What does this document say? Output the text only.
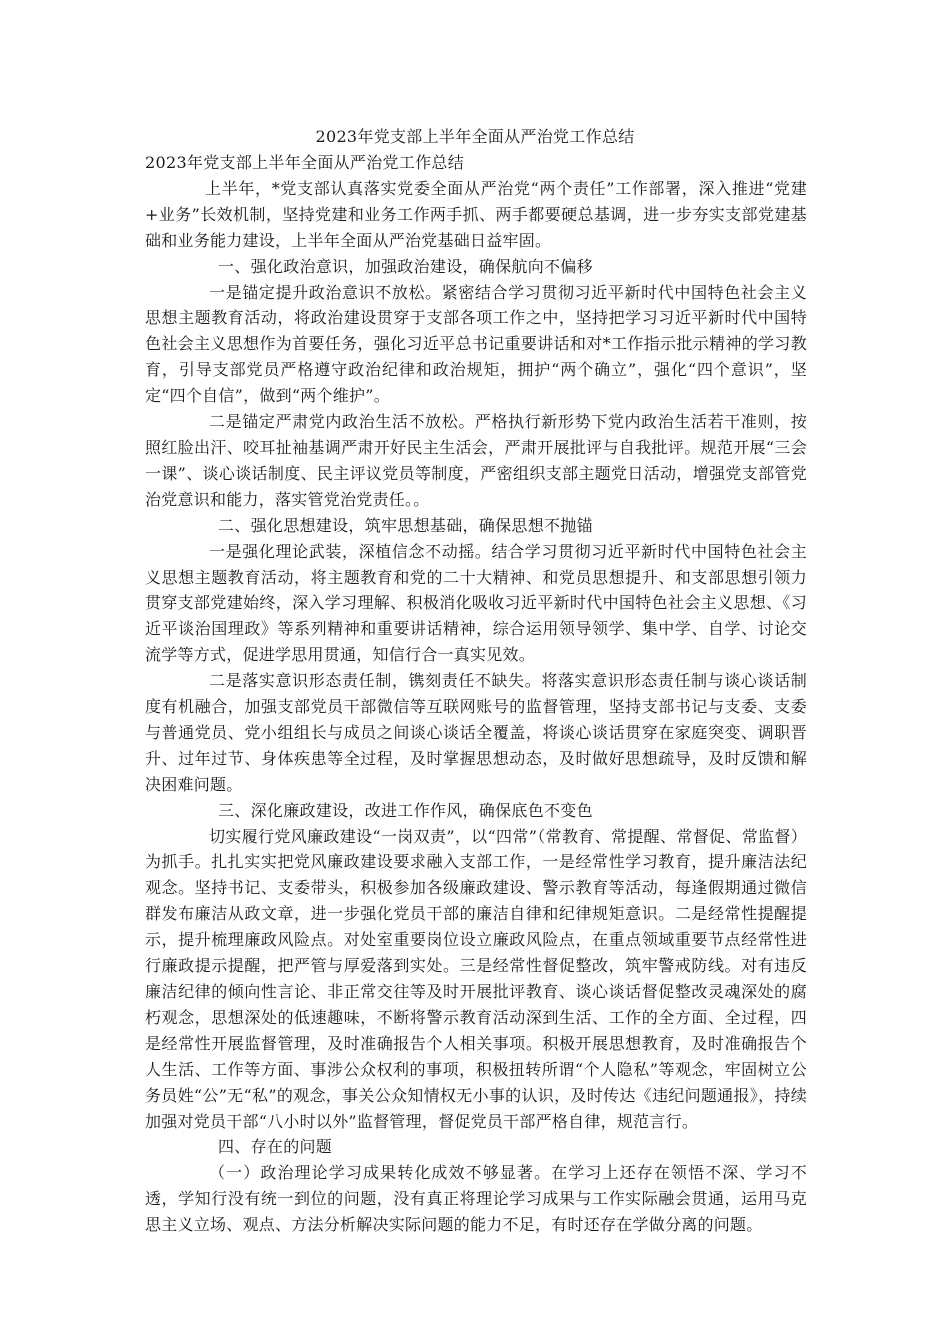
2023年党支部上半年全面从严治党工作总结

2023年党支部上半年全面从严治党工作总结

上半年，*党支部认真落实党委全面从严治党“两个责任”工作部署，深入推进“党建+业务”长效机制，坚持党建和业务工作两手抓、两手都要硬总基调，进一步夯实支部党建基础和业务能力建设，上半年全面从严治党基础日益牢固。

一、强化政治意识，加强政治建设，确保航向不偏移

一是锚定提升政治意识不放松。紧密结合学习贯彻习近平新时代中国特色社会主义思想主题教育活动，将政治建设贯穿于支部各项工作之中，坚持把学习习近平新时代中国特色社会主义思想作为首要任务，强化习近平总书记重要讲话和对*工作指示批示精神的学习教育，引导支部党员严格遵守政治纪律和政治规矩，拥护“两个确立”，强化“四个意识”，坚定“四个自信”，做到“两个维护”。

二是锚定严肃党内政治生活不放松。严格执行新形势下党内政治生活若干准则，按照红脸出汗、咬耳扯袖基调严肃开好民主生活会，严肃开展批评与自我批评。规范开展“三会一课”、谈心谈话制度、民主评议党员等制度，严密组织支部主题党日活动，增强党支部管党治党意识和能力，落实管党治党责任。。

二、强化思想建设，筑牢思想基础，确保思想不抛锚

一是强化理论武装，深植信念不动摇。结合学习贯彻习近平新时代中国特色社会主义思想主题教育活动，将主题教育和党的二十大精神、和党员思想提升、和支部思想引领力贯穿支部党建始终，深入学习理解、积极消化吸收习近平新时代中国特色社会主义思想、《习近平谈治国理政》等系列精神和重要讲话精神，综合运用领导领学、集中学、自学、讨论交流学等方式，促进学思用贯通，知信行合一真实见效。

二是落实意识形态责任制，镌刻责任不缺失。将落实意识形态责任制与谈心谈话制度有机融合，加强支部党员干部微信等互联网账号的监督管理，坚持支部书记与支委、支委与普通党员、党小组组长与成员之间谈心谈话全覆盖，将谈心谈话贯穿在家庭突变、调职晋升、过年过节、身体疾患等全过程，及时掌握思想动态，及时做好思想疏导，及时反馈和解决困难问题。

三、深化廉政建设，改进工作作风，确保底色不变色

切实履行党风廉政建设“一岗双责”，以“四常”（常教育、常提醒、常督促、常监督）为抓手。扎扎实实把党风廉政建设要求融入支部工作，一是经常性学习教育，提升廉洁法纪观念。坚持书记、支委带头，积极参加各级廉政建设、警示教育等活动，每逢假期通过微信群发布廉洁从政文章，进一步强化党员干部的廉洁自律和纪律规矩意识。二是经常性提醒提示，提升梳理廉政风险点。对处室重要岗位设立廉政风险点，在重点领域重要节点经常性进行廉政提示提醒，把严管与厚爱落到实处。三是经常性督促整改，筑牢警戒防线。对有违反廉洁纪律的倾向性言论、非正常交往等及时开展批评教育、谈心谈话督促整改灵魂深处的腐朽观念，思想深处的低速趣味，不断将警示教育活动深到生活、工作的全方面、全过程，四是经常性开展监督管理，及时准确报告个人相关事项。积极开展思想教育，及时准确报告个人生活、工作等方面、事涉公众权利的事项，积极扭转所谓“个人隐私”等观念，牢固树立公务员姓“公”无“私”的观念，事关公众知情权无小事的认识，及时传达《违纪问题通报》，持续加强对党员干部“八小时以外”监督管理，督促党员干部严格自律，规范言行。

四、存在的问题

（一）政治理论学习成果转化成效不够显著。在学习上还存在领悟不深、学习不透，学知行没有统一到位的问题，没有真正将理论学习成果与工作实际融会贯通，运用马克思主义立场、观点、方法分析解决实际问题的能力不足，有时还存在学做分离的问题。
